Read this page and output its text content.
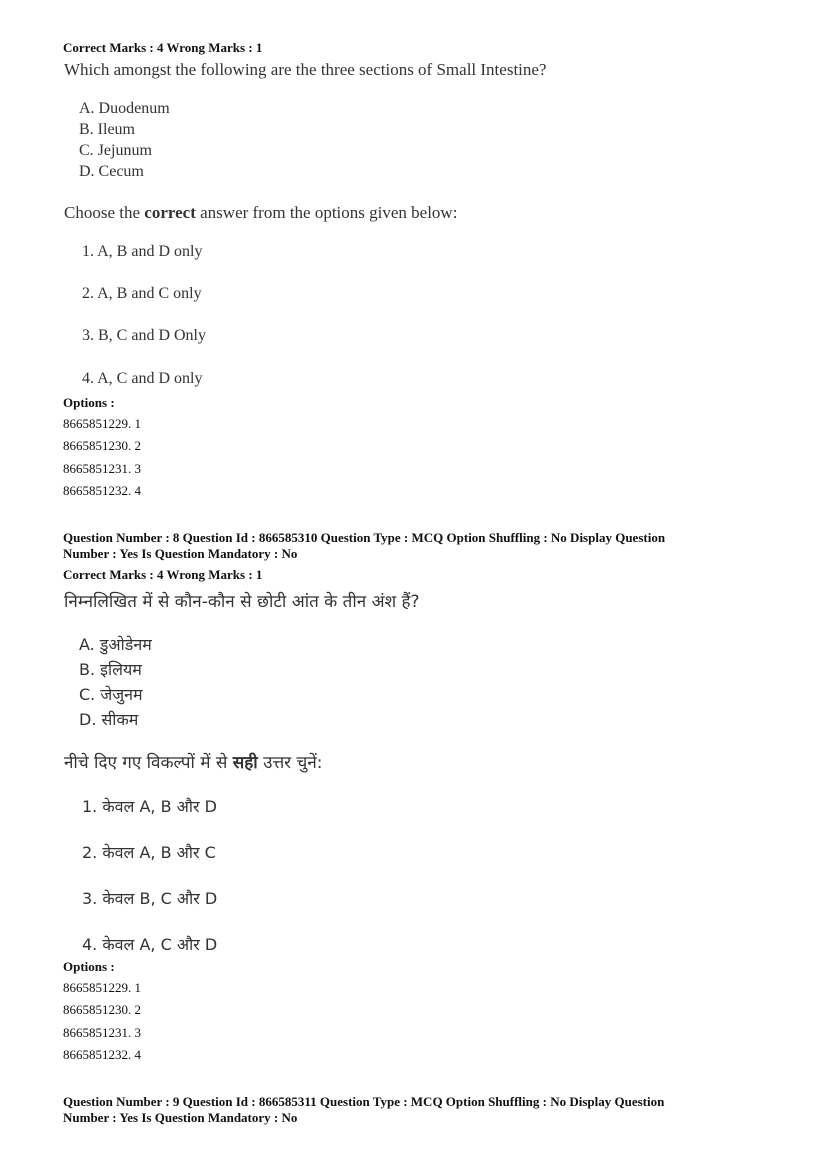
Correct Marks : 4 Wrong Marks : 1
Which amongst the following are the three sections of Small Intestine?
A. Duodenum
B. Ileum
C. Jejunum
D. Cecum
Choose the correct answer from the options given below:
1. A, B and D only
2. A, B and C only
3. B, C and D Only
4. A, C and D only
Options :
8665851229. 1
8665851230. 2
8665851231. 3
8665851232. 4
Question Number : 8 Question Id : 866585310 Question Type : MCQ Option Shuffling : No Display Question
Number : Yes Is Question Mandatory : No
Correct Marks : 4 Wrong Marks : 1
निम्नलिखित में से कौन-कौन से छोटी आंत के तीन अंश हैं?
A. डुओडेनम
B. इलियम
C. जेजुनम
D. सीकम
नीचे दिए गए विकल्पों में से सही उत्तर चुनें:
1. केवल A, B और D
2. केवल A, B और C
3. केवल B, C और D
4. केवल A, C और D
Options :
8665851229. 1
8665851230. 2
8665851231. 3
8665851232. 4
Question Number : 9 Question Id : 866585311 Question Type : MCQ Option Shuffling : No Display Question
Number : Yes Is Question Mandatory : No
